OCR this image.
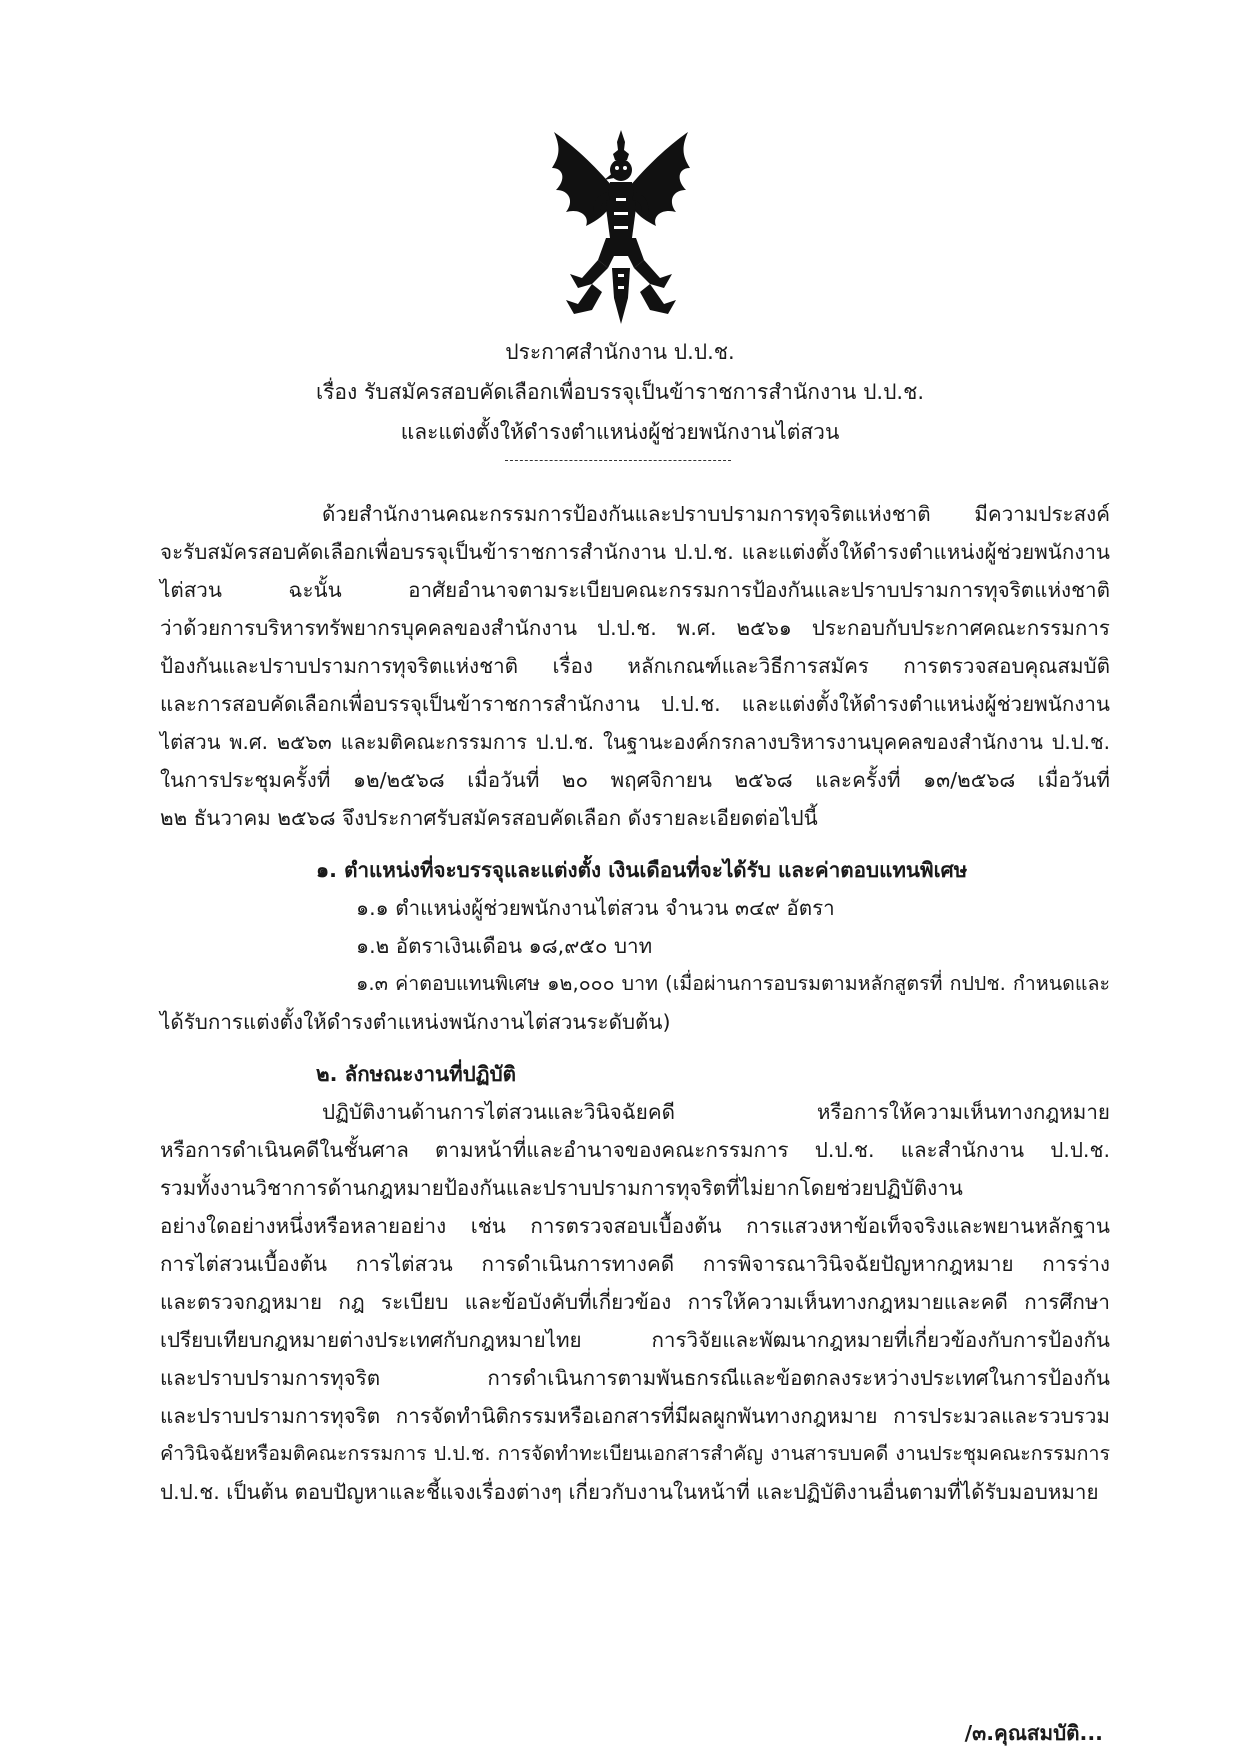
ประกาศสำนักงาน ป.ป.ช.

เรื่อง รับสมัครสอบคัดเลือกเพื่อบรรจุเป็นข้าราชการสำนักงาน ป.ป.ช.

และแต่งตั้งให้ดำรงตำแหน่งผู้ช่วยพนักงานไต่สวน

ด้วยสำนักงานคณะกรรมการป้องกันและปราบปรามการทุจริตแห่งชาติ มีความประสงค์

จะรับสมัครสอบคัดเลือกเพื่อบรรจุเป็นข้าราชการสำนักงาน ป.ป.ช. และแต่งตั้งให้ดำรงตำแหน่งผู้ช่วยพนักงาน

ไต่สวน ฉะนั้น อาศัยอำนาจตามระเบียบคณะกรรมการป้องกันและปราบปรามการทุจริตแห่งชาติ

ว่าด้วยการบริหารทรัพยากรบุคคลของสำนักงาน ป.ป.ช. พ.ศ. ๒๕๖๑ ประกอบกับประกาศคณะกรรมการ

ป้องกันและปราบปรามการทุจริตแห่งชาติ เรื่อง หลักเกณฑ์และวิธีการสมัคร การตรวจสอบคุณสมบัติ

และการสอบคัดเลือกเพื่อบรรจุเป็นข้าราชการสำนักงาน ป.ป.ช. และแต่งตั้งให้ดำรงตำแหน่งผู้ช่วยพนักงาน

ไต่สวน พ.ศ. ๒๕๖๓ และมติคณะกรรมการ ป.ป.ช. ในฐานะองค์กรกลางบริหารงานบุคคลของสำนักงาน ป.ป.ช.

ในการประชุมครั้งที่ ๑๒/๒๕๖๘ เมื่อวันที่ ๒๐ พฤศจิกายน ๒๕๖๘ และครั้งที่ ๑๓/๒๕๖๘ เมื่อวันที่

๒๒ ธันวาคม ๒๕๖๘ จึงประกาศรับสมัครสอบคัดเลือก ดังรายละเอียดต่อไปนี้

๑. ตำแหน่งที่จะบรรจุและแต่งตั้ง เงินเดือนที่จะได้รับ และค่าตอบแทนพิเศษ

๑.๑ ตำแหน่งผู้ช่วยพนักงานไต่สวน จำนวน ๓๔๙ อัตรา

๑.๒ อัตราเงินเดือน ๑๘,๙๕๐ บาท

๑.๓ ค่าตอบแทนพิเศษ ๑๒,๐๐๐ บาท (เมื่อผ่านการอบรมตามหลักสูตรที่ กปปช. กำหนดและ

ได้รับการแต่งตั้งให้ดำรงตำแหน่งพนักงานไต่สวนระดับต้น)

๒. ลักษณะงานที่ปฏิบัติ

ปฏิบัติงานด้านการไต่สวนและวินิจฉัยคดี หรือการให้ความเห็นทางกฎหมาย

หรือการดำเนินคดีในชั้นศาล ตามหน้าที่และอำนาจของคณะกรรมการ ป.ป.ช. และสำนักงาน ป.ป.ช.

รวมทั้งงานวิชาการด้านกฎหมายป้องกันและปราบปรามการทุจริตที่ไม่ยากโดยช่วยปฏิบัติงาน

อย่างใดอย่างหนึ่งหรือหลายอย่าง เช่น การตรวจสอบเบื้องต้น การแสวงหาข้อเท็จจริงและพยานหลักฐาน

การไต่สวนเบื้องต้น การไต่สวน การดำเนินการทางคดี การพิจารณาวินิจฉัยปัญหากฎหมาย การร่าง

และตรวจกฎหมาย กฎ ระเบียบ และข้อบังคับที่เกี่ยวข้อง การให้ความเห็นทางกฎหมายและคดี การศึกษา

เปรียบเทียบกฎหมายต่างประเทศกับกฎหมายไทย การวิจัยและพัฒนากฎหมายที่เกี่ยวข้องกับการป้องกัน

และปราบปรามการทุจริต การดำเนินการตามพันธกรณีและข้อตกลงระหว่างประเทศในการป้องกัน

และปราบปรามการทุจริต การจัดทำนิติกรรมหรือเอกสารที่มีผลผูกพันทางกฎหมาย การประมวลและรวบรวม

คำวินิจฉัยหรือมติคณะกรรมการ ป.ป.ช. การจัดทำทะเบียนเอกสารสำคัญ งานสารบบคดี งานประชุมคณะกรรมการ

ป.ป.ช. เป็นต้น ตอบปัญหาและชี้แจงเรื่องต่างๆ เกี่ยวกับงานในหน้าที่ และปฏิบัติงานอื่นตามที่ได้รับมอบหมาย

/๓.คุณสมบัติ...
